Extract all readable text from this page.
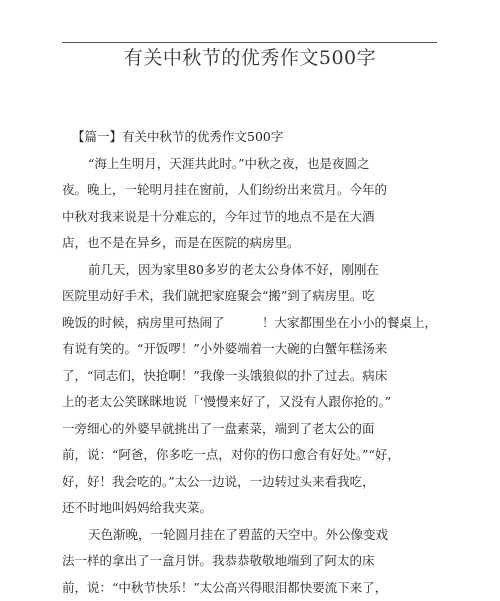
有关中秋节的优秀作文500字
【篇一】有关中秋节的优秀作文500字
“海上生明月，天涯共此时。”中秋之夜，也是夜圆之
夜。晚上，一轮明月挂在窗前，人们纷纷出来赏月。今年的
中秋对我来说是十分难忘的，今年过节的地点不是在大酒
店，也不是在异乡，而是在医院的病房里。
前几天，因为家里80多岁的老太公身体不好，刚刚在
医院里动好手术，我们就把家庭聚会“搬”到了病房里。吃
晚饭的时候，病房里可热闹了　　　！大家都围坐在小小的餐桌上，
有说有笑的。“开饭啰！”小外婆端着一大碗的白蟹年糕汤来
了，“同志们，快抢啊！”我像一头饿狼似的扑了过去。病床
上的老太公笑眯眯地说「‘慢慢来好了，又没有人跟你抢的。”
一旁细心的外婆早就挑出了一盘素菜，端到了老太公的面
前，说：“阿爸，你多吃一点，对你的伤口愈合有好处。”“好，
好，好！我会吃的。”太公一边说，一边转过头来看我吃，
还不时地叫妈妈给我夹菜。
天色渐晚，一轮圆月挂在了碧蓝的天空中。外公像变戏
法一样的拿出了一盒月饼。我恭恭敬敬地端到了阿太的床
前，说：“中秋节快乐！”太公高兴得眼泪都快要流下来了，
